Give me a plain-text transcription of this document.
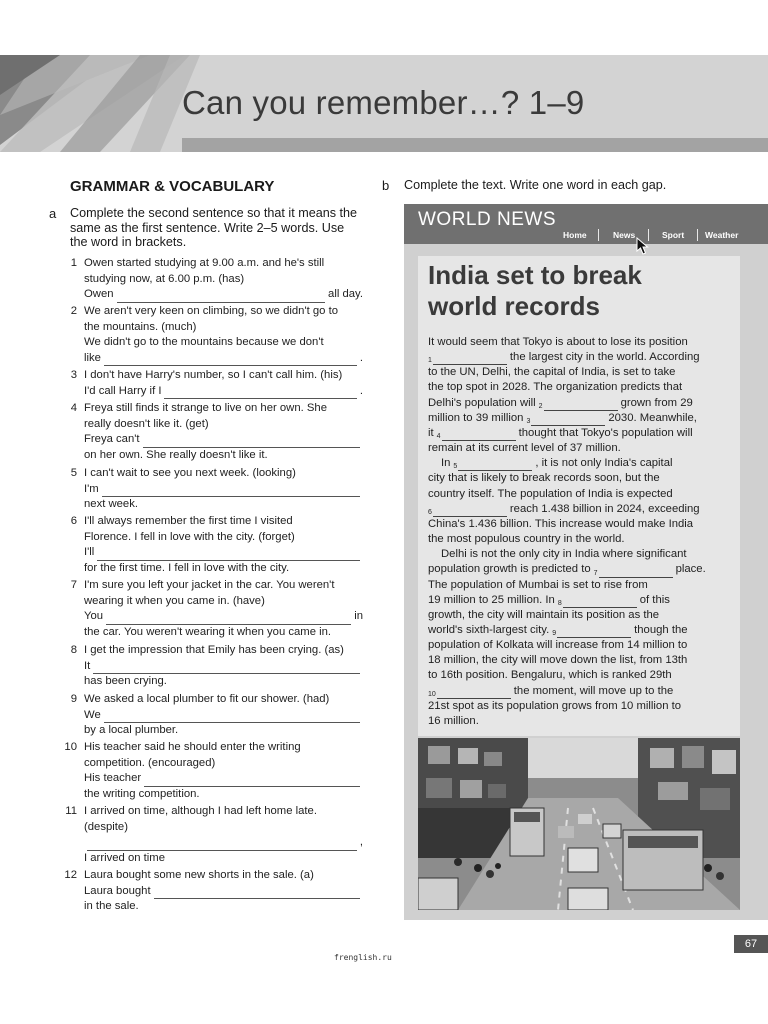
Can you remember…? 1–9
GRAMMAR & VOCABULARY
a Complete the second sentence so that it means the same as the first sentence. Write 2–5 words. Use the word in brackets.
1 Owen started studying at 9.00 a.m. and he's still
studying now, at 6.00 p.m. (has)
Owen	all day.
2 We aren't very keen on climbing, so we didn't go to
the mountains. (much)
We didn't go to the mountains because we don't
like	.
3 I don't have Harry's number, so I can't call him. (his)
I'd call Harry if I	.
4 Freya still finds it strange to live on her own. She
really doesn't like it. (get)
Freya can't
on her own. She really doesn't like it.
5 I can't wait to see you next week. (looking)
I'm
next week.
6 I'll always remember the first time I visited
Florence. I fell in love with the city. (forget)
I'll
for the first time. I fell in love with the city.
7 I'm sure you left your jacket in the car. You weren't
wearing it when you came in. (have)
You	in
the car. You weren't wearing it when you came in.
8 I get the impression that Emily has been crying. (as)
It
has been crying.
9 We asked a local plumber to fit our shower. (had)
We
by a local plumber.
10 His teacher said he should enter the writing
competition. (encouraged)
His teacher
the writing competition.
11 I arrived on time, although I had left home late.
(despite)
,
I arrived on time
12 Laura bought some new shorts in the sale. (a)
Laura bought
in the sale.
b Complete the text. Write one word in each gap.
WORLD NEWS
Home	News	Sport Weather
India set to break
world records
It would seem that Tokyo is about to lose its position
$^1$	the largest city in the world. According
to the UN, Delhi, the capital of India, is set to take
the top spot in 2028. The organization predicts that
Delhi's population will $^2$	grown from 29
million to 39 million $^3$	2030. Meanwhile,
it $^4$	thought that Tokyo's population will
remain at its current level of 37 million.
In $^5$	, it is not only India's capital
city that is likely to break records soon, but the
country itself. The population of India is expected
$^6$	reach 1.438 billion in 2024, exceeding
China's 1.436 billion. This increase would make India
the most populous country in the world.
Delhi is not the only city in India where significant
population growth is predicted to $^7$	place.
The population of Mumbai is set to rise from
19 million to 25 million. In $^8$	of this
growth, the city will maintain its position as the
world's sixth-largest city. $^9$	though the
population of Kolkata will increase from 14 million to
18 million, the city will move down the list, from 13th
to 16th position. Bengaluru, which is ranked 29th
$^{10}$	the moment, will move up to the
21st spot as its population grows from 10 million to
16 million.
67
frenglish.ru
